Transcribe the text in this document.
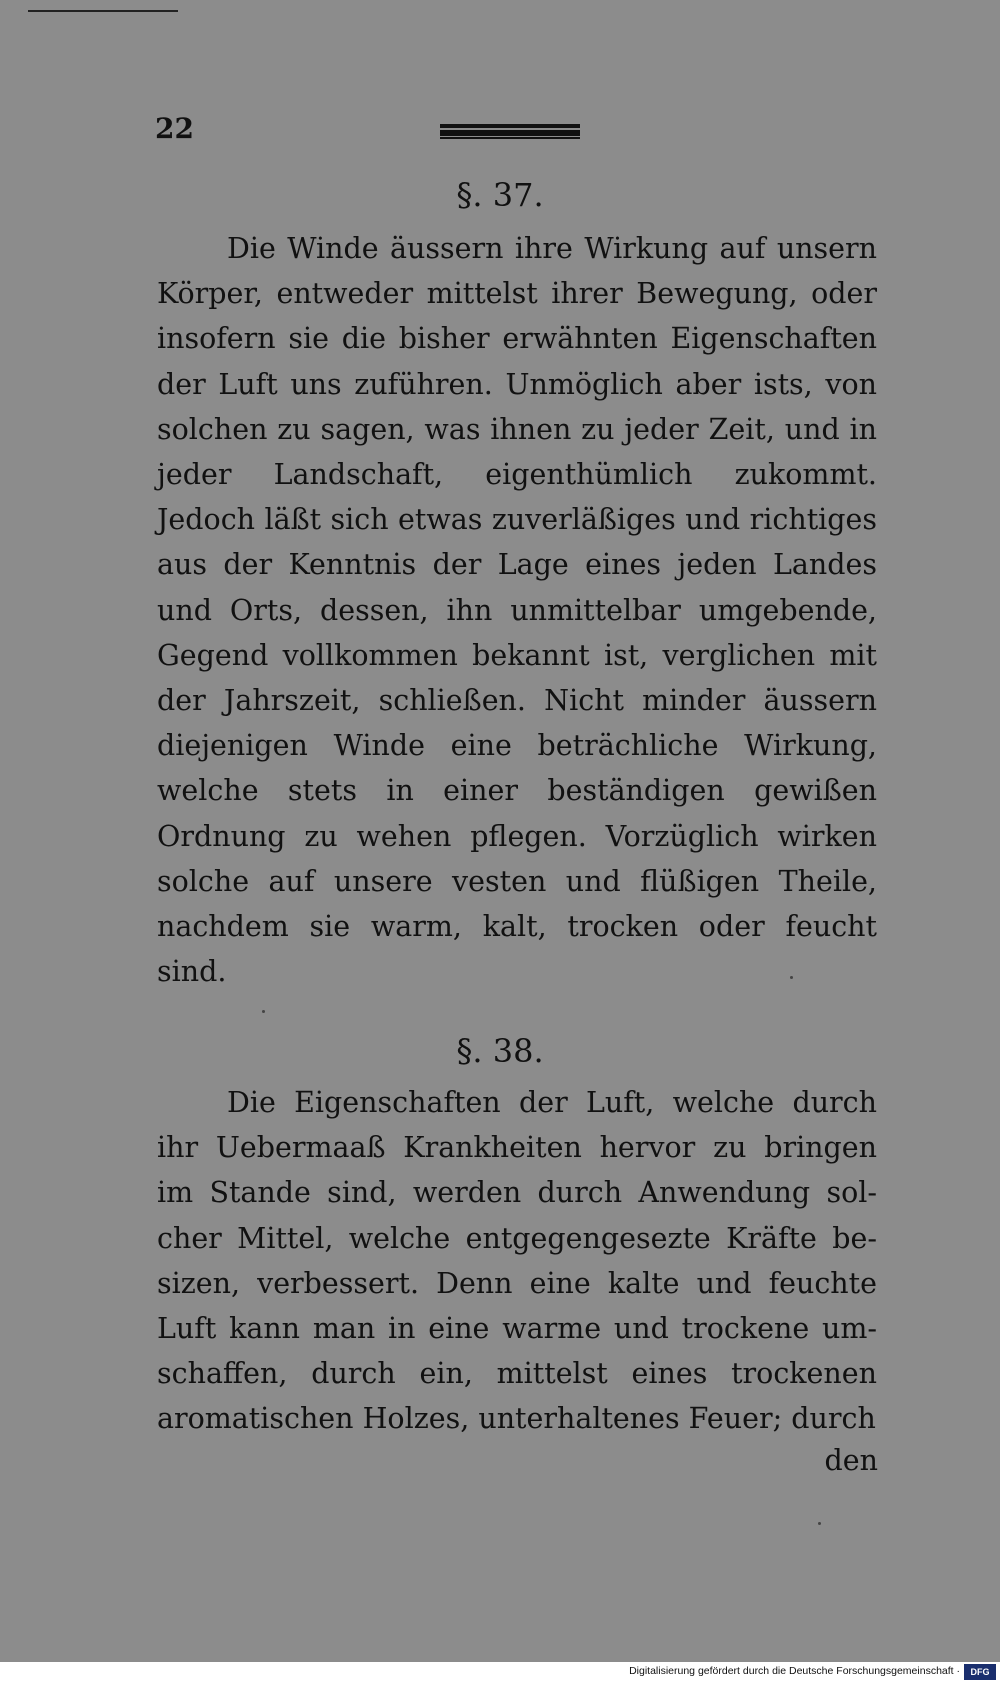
22
§. 37.
Die Winde äussern ihre Wirkung auf unsern Körper, entweder mittelst ihrer Bewegung, oder insofern sie die bisher erwähnten Eigenschaften der Luft uns zuführen. Unmöglich aber ists, von solchen zu sagen, was ihnen zu jeder Zeit, und in jeder Landschaft, eigenthümlich zukommt. Jedoch läßt sich etwas zuverläßiges und richtiges aus der Kenntnis der Lage eines jeden Landes und Orts, dessen, ihn unmittelbar umgebende, Gegend vollkommen bekannt ist, verglichen mit der Jahrszeit, schließen. Nicht minder äussern diejenigen Winde eine beträchliche Wirkung, welche stets in einer beständigen gewißen Ordnung zu wehen pflegen. Vorzüglich wirken solche auf unsere vesten und flüßigen Theile, nachdem sie warm, kalt, trocken oder feucht sind.
§. 38.
Die Eigenschaften der Luft, welche durch ihr Uebermaaß Krankheiten hervor zu bringen im Stande sind, werden durch Anwendung solcher Mittel, welche entgegengesezte Kräfte besizen, verbessert. Denn eine kalte und feuchte Luft kann man in eine warme und trockene umschaffen, durch ein, mittelst eines trockenen aromatischen Holzes, unterhaltenes Feuer; durch
den
Digitalisierung gefördert durch die Deutsche Forschungsgemeinschaft ·	DFG
